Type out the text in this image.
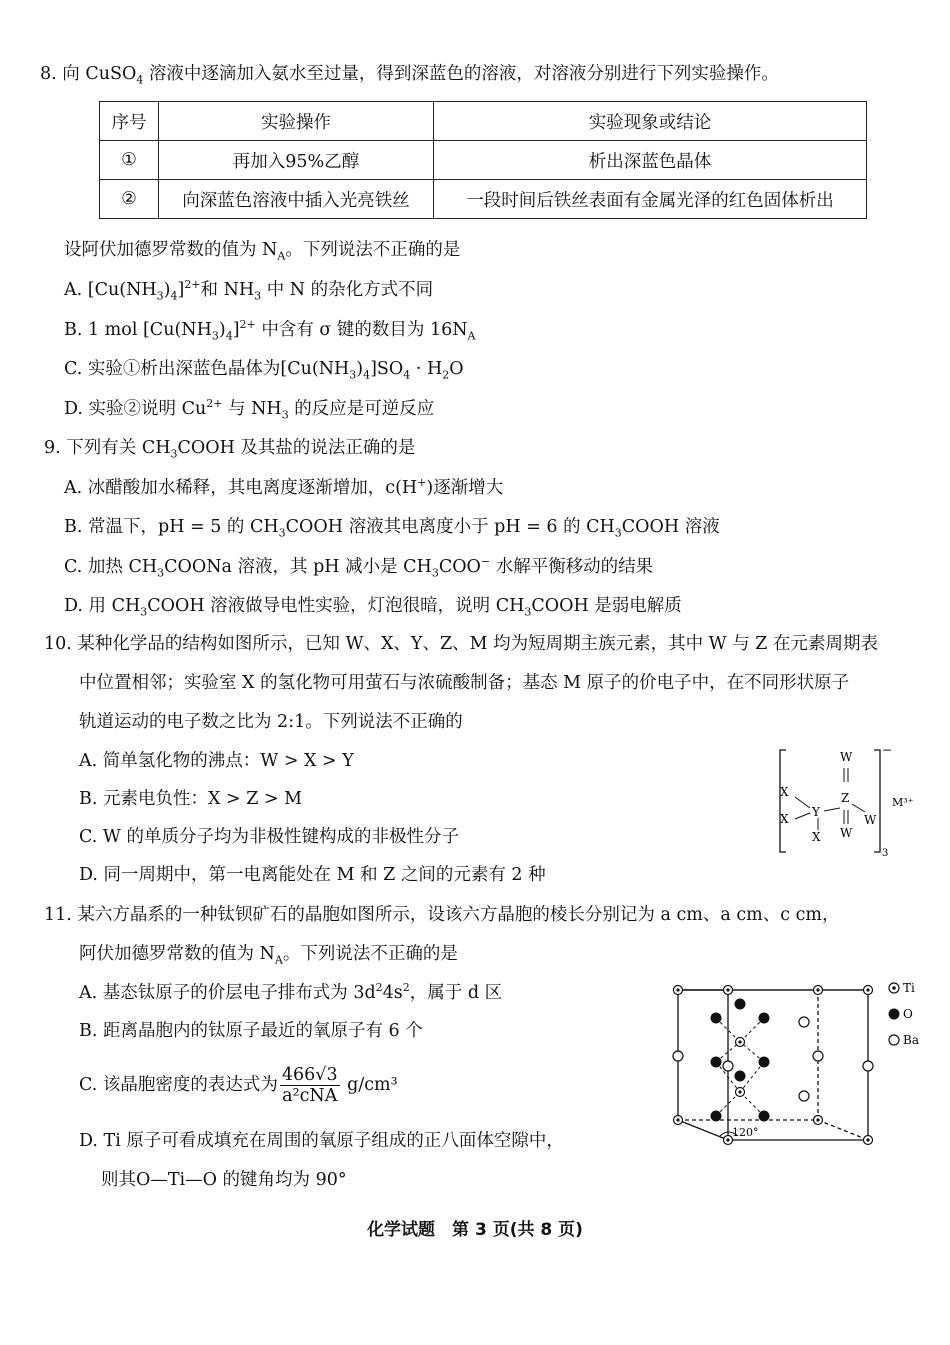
8. 向 CuSO$_4$ 溶液中逐滴加入氨水至过量，得到深蓝色的溶液，对溶液分别进行下列实验操作。
序号	实验操作	实验现象或结论
①	再加入95%乙醇	析出深蓝色晶体
②	向深蓝色溶液中插入光亮铁丝	一段时间后铁丝表面有金属光泽的红色固体析出
设阿伏加德罗常数的值为 $N_A$。下列说法不正确的是
A. $[Cu(NH_3)_4]^{2+}$和 $NH_3$ 中 N 的杂化方式不同
B. 1 mol $[Cu(NH_3)_4]^{2+}$ 中含有 σ 键的数目为 $16N_A$
C. 实验①析出深蓝色晶体为$[Cu(NH_3)_4]SO_4 \cdot H_2O$
D. 实验②说明 $Cu^{2+}$ 与 $NH_3$ 的反应是可逆反应
9. 下列有关 $CH_3COOH$ 及其盐的说法正确的是
A. 冰醋酸加水稀释，其电离度逐渐增加，c(H+)逐渐增大
B. 常温下，pH = 5 的 $CH_3COOH$ 溶液其电离度小于 pH = 6 的 $CH_3COOH$ 溶液
C. 加热 $CH_3COONa$ 溶液，其 pH 减小是 $CH_3COO^-$ 水解平衡移动的结果
D. 用 $CH_3COOH$ 溶液做导电性实验，灯泡很暗，说明 $CH_3COOH$ 是弱电解质
10. 某种化学品的结构如图所示，已知 W、X、Y、Z、M 均为短周期主族元素，其中 W 与 Z 在元素周期表
中位置相邻；实验室 X 的氢化物可用萤石与浓硫酸制备；基态 M 原子的价电子中，在不同形状原子
轨道运动的电子数之比为 2:1。下列说法不正确的
A. 简单氢化物的沸点：W > X > Y
B. 元素电负性：X > Z > M
C. W 的单质分子均为非极性键构成的非极性分子
D. 同一周期中，第一电离能处在 M 和 Z 之间的元素有 2 种
W
X
X Y
X
Z
W
W
−
M³⁺
3
11. 某六方晶系的一种钛钡矿石的晶胞如图所示，设该六方晶胞的棱长分别记为 a cm、a cm、c cm，
阿伏加德罗常数的值为 $N_A$。下列说法不正确的是
A. 基态钛原子的价层电子排布式为 $3d^24s^2$，属于 d 区
B. 距离晶胞内的钛原子最近的氧原子有 6 个
C. 该晶胞密度的表达式为 $\frac{466√3}{\text{a²cNA}} g/cm^3$
D. Ti 原子可看成填充在周围的氧原子组成的正八面体空隙中，
则其O—Ti—O 的键角均为 90°
120°
Ti
O
Ba
化学试题　第 3 页(共 8 页)
